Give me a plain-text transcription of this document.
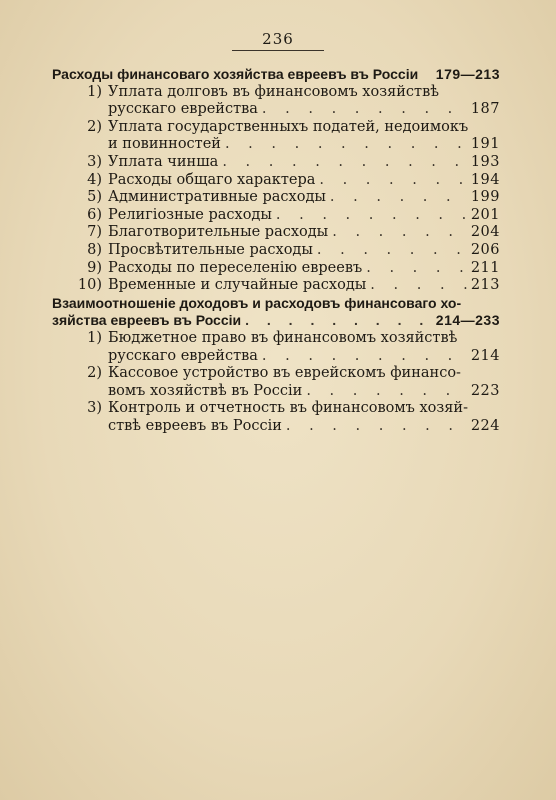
236
Расходы финансоваго хозяйства евреевъ въ Россіи 179—213
1) Уплата долговъ въ финансовомъ хозяйствѣ
русскаго еврейства . . .	187
2) Уплата государственныхъ податей, недоимокъ
и повинностей . . .	191
3) Уплата чинша . . .	193
4) Расходы общаго характера . . .	194
5) Административные расходы . . .	199
6) Религіозные расходы . . .	201
7) Благотворительные расходы . . .	204
8) Просвѣтительные расходы . . .	206
9) Расходы по переселенію евреевъ . . .	211
10) Временные и случайные расходы . . .	213
Взаимоотношеніе доходовъ и расходовъ финансоваго хо-
зяйства евреевъ въ Россіи . . .	214—233
1) Бюджетное право въ финансовомъ хозяйствѣ
русскаго еврейства . . .	214
2) Кассовое устройство въ еврейскомъ финансо-
вомъ хозяйствѣ въ Россіи . . .	223
3) Контроль и отчетность въ финансовомъ хозяй-
ствѣ евреевъ въ Россіи . . .	224
